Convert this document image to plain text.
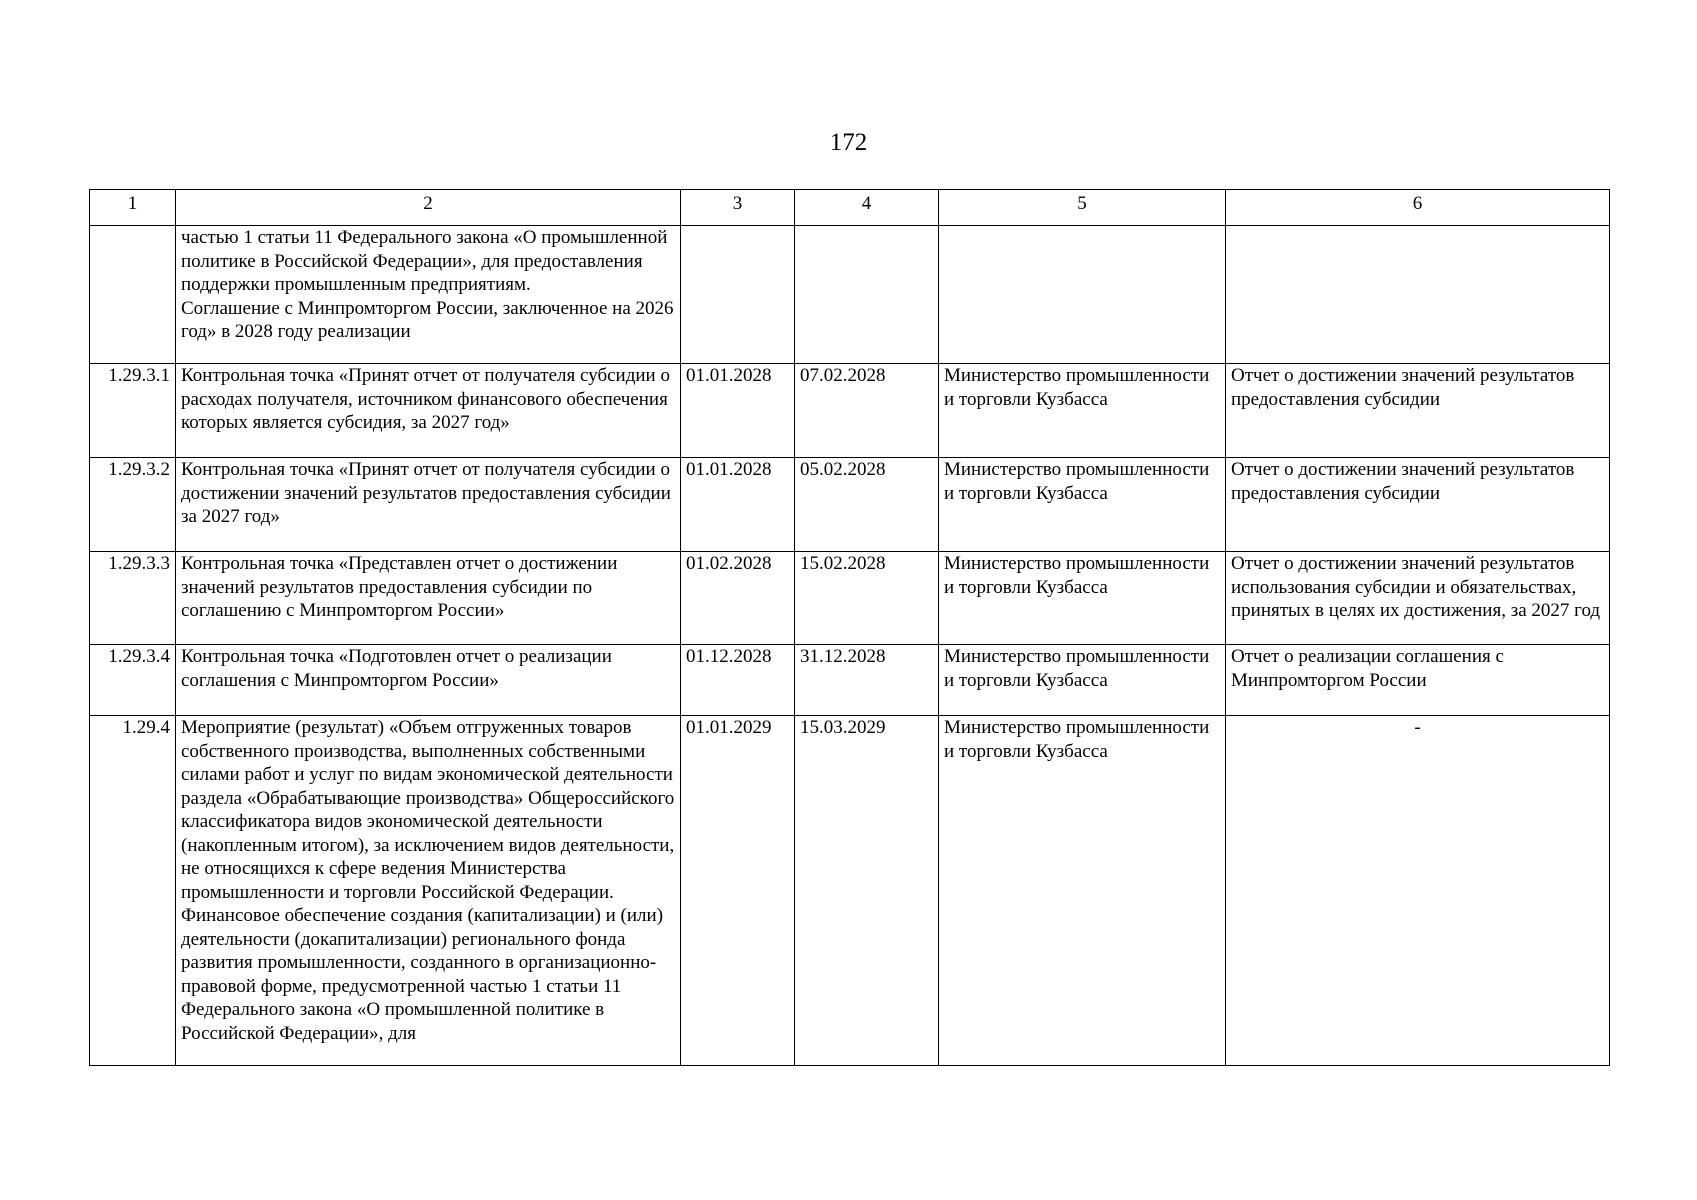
172
1	2	3	4	5	6

	частью 1 статьи 11 Федерального закона «О промышленной политике в Российской Федерации», для предоставления поддержки промышленным предприятиям.
Соглашение с Минпромторгом России, заключенное на 2026 год» в 2028 году реализации				

1.29.3.1	Контрольная точка «Принят отчет от получателя субсидии о расходах получателя, источником финансового обеспечения которых является субсидия, за 2027 год»	01.01.2028	07.02.2028	Министерство промышленности и торговли Кузбасса	Отчет о достижении значений результатов предоставления субсидии
1.29.3.2	Контрольная точка «Принят отчет от получателя субсидии о достижении значений результатов предоставления субсидии за 2027 год»	01.01.2028	05.02.2028	Министерство промышленности и торговли Кузбасса	Отчет о достижении значений результатов предоставления субсидии
1.29.3.3	Контрольная точка «Представлен отчет о достижении значений результатов предоставления субсидии по соглашению с Минпромторгом России»	01.02.2028	15.02.2028	Министерство промышленности и торговли Кузбасса	Отчет о достижении значений результатов использования субсидии и обязательствах, принятых в целях их достижения, за 2027 год
1.29.3.4	Контрольная точка «Подготовлен отчет о реализации соглашения с Минпромторгом России»	01.12.2028	31.12.2028	Министерство промышленности и торговли Кузбасса	Отчет о реализации соглашения с Минпромторгом России
1.29.4	Мероприятие (результат) «Объем отгруженных товаров собственного производства, выполненных собственными силами работ и услуг по видам экономической деятельности раздела «Обрабатывающие производства» Общероссийского классификатора видов экономической деятельности (накопленным итогом), за исключением видов деятельности, не относящихся к сфере ведения Министерства промышленности и торговли Российской Федерации.
Финансовое обеспечение создания (капитализации) и (или) деятельности (докапитализации) регионального фонда развития промышленности, созданного в организационно-правовой форме, предусмотренной частью 1 статьи 11 Федерального закона «О промышленной политике в Российской Федерации», для	01.01.2029	15.03.2029	Министерство промышленности и торговли Кузбасса	-
